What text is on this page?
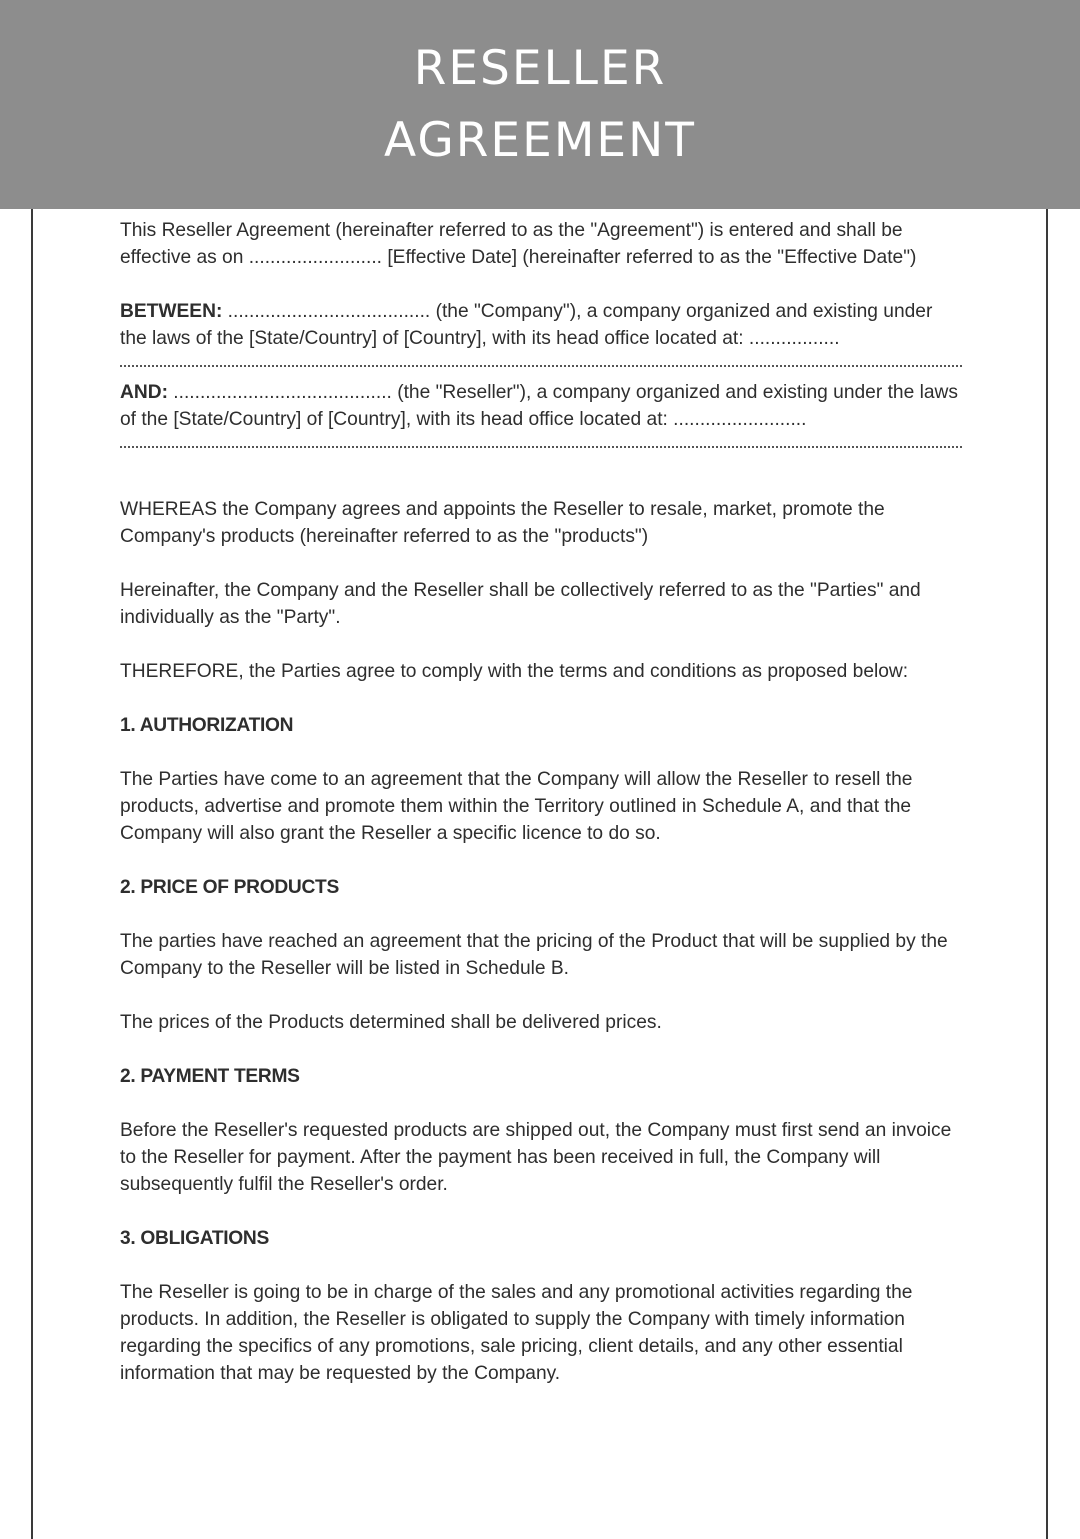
RESELLER
AGREEMENT

This Reseller Agreement (hereinafter referred to as the "Agreement") is entered and shall be effective as on ......................... [Effective Date] (hereinafter referred to as the "Effective Date")

BETWEEN: ...................................... (the "Company"), a company organized and existing under the laws of the [State/Country] of [Country], with its head office located at: .................

AND: ......................................... (the "Reseller"), a company organized and existing under the laws of the [State/Country] of [Country], with its head office located at: .........................

WHEREAS the Company agrees and appoints the Reseller to resale, market, promote the Company's products (hereinafter referred to as the "products")

Hereinafter, the Company and the Reseller shall be collectively referred to as the "Parties" and individually as the "Party".

THEREFORE, the Parties agree to comply with the terms and conditions as proposed below:

1. AUTHORIZATION

The Parties have come to an agreement that the Company will allow the Reseller to resell the products, advertise and promote them within the Territory outlined in Schedule A, and that the Company will also grant the Reseller a specific licence to do so.

2. PRICE OF PRODUCTS

The parties have reached an agreement that the pricing of the Product that will be supplied by the Company to the Reseller will be listed in Schedule B.

The prices of the Products determined shall be delivered prices.

2. PAYMENT TERMS

Before the Reseller's requested products are shipped out, the Company must first send an invoice to the Reseller for payment. After the payment has been received in full, the Company will subsequently fulfil the Reseller's order.

3. OBLIGATIONS

The Reseller is going to be in charge of the sales and any promotional activities regarding the products. In addition, the Reseller is obligated to supply the Company with timely information regarding the specifics of any promotions, sale pricing, client details, and any other essential information that may be requested by the Company.
